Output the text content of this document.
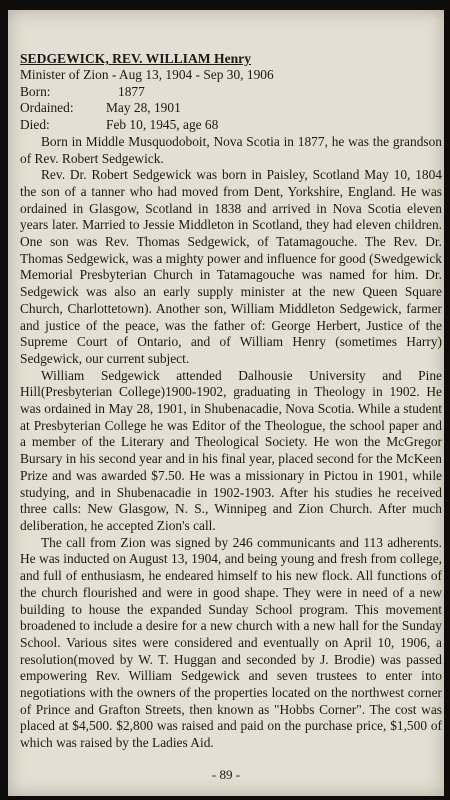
SEDGEWICK, REV. WILLIAM Henry

Minister of Zion - Aug 13, 1904 - Sep 30, 1906

Born:	1877
Ordained:	May 28, 1901
Died:	Feb 10, 1945, age 68

Born in Middle Musquodoboit, Nova Scotia in 1877, he was the grandson of Rev. Robert Sedgewick.

Rev. Dr. Robert Sedgewick was born in Paisley, Scotland May 10, 1804 the son of a tanner who had moved from Dent, Yorkshire, England. He was ordained in Glasgow, Scotland in 1838 and arrived in Nova Scotia eleven years later. Married to Jessie Middleton in Scotland, they had eleven children. One son was Rev. Thomas Sedgewick, of Tatamagouche. The Rev. Dr. Thomas Sedgewick, was a mighty power and influence for good (Swedgewick Memorial Presbyterian Church in Tatamagouche was named for him. Dr. Sedgewick was also an early supply minister at the new Queen Square Church, Charlottetown). Another son, William Middleton Sedgewick, farmer and justice of the peace, was the father of: George Herbert, Justice of the Supreme Court of Ontario, and of William Henry (sometimes Harry) Sedgewick, our current subject.

William Sedgewick attended Dalhousie University and Pine Hill(Presbyterian College)1900-1902, graduating in Theology in 1902. He was ordained in May 28, 1901, in Shubenacadie, Nova Scotia. While a student at Presbyterian College he was Editor of the Theologue, the school paper and a member of the Literary and Theological Society. He won the McGregor Bursary in his second year and in his final year, placed second for the McKeen Prize and was awarded $7.50. He was a missionary in Pictou in 1901, while studying, and in Shubenacadie in 1902-1903. After his studies he received three calls: New Glasgow, N. S., Winnipeg and Zion Church. After much deliberation, he accepted Zion's call.

The call from Zion was signed by 246 communicants and 113 adherents. He was inducted on August 13, 1904, and being young and fresh from college, and full of enthusiasm, he endeared himself to his new flock. All functions of the church flourished and were in good shape. They were in need of a new building to house the expanded Sunday School program. This movement broadened to include a desire for a new church with a new hall for the Sunday School. Various sites were considered and eventually on April 10, 1906, a resolution(moved by W. T. Huggan and seconded by J. Brodie) was passed empowering Rev. William Sedgewick and seven trustees to enter into negotiations with the owners of the properties located on the northwest corner of Prince and Grafton Streets, then known as "Hobbs Corner". The cost was placed at $4,500. $2,800 was raised and paid on the purchase price, $1,500 of which was raised by the Ladies Aid.

- 89 -
